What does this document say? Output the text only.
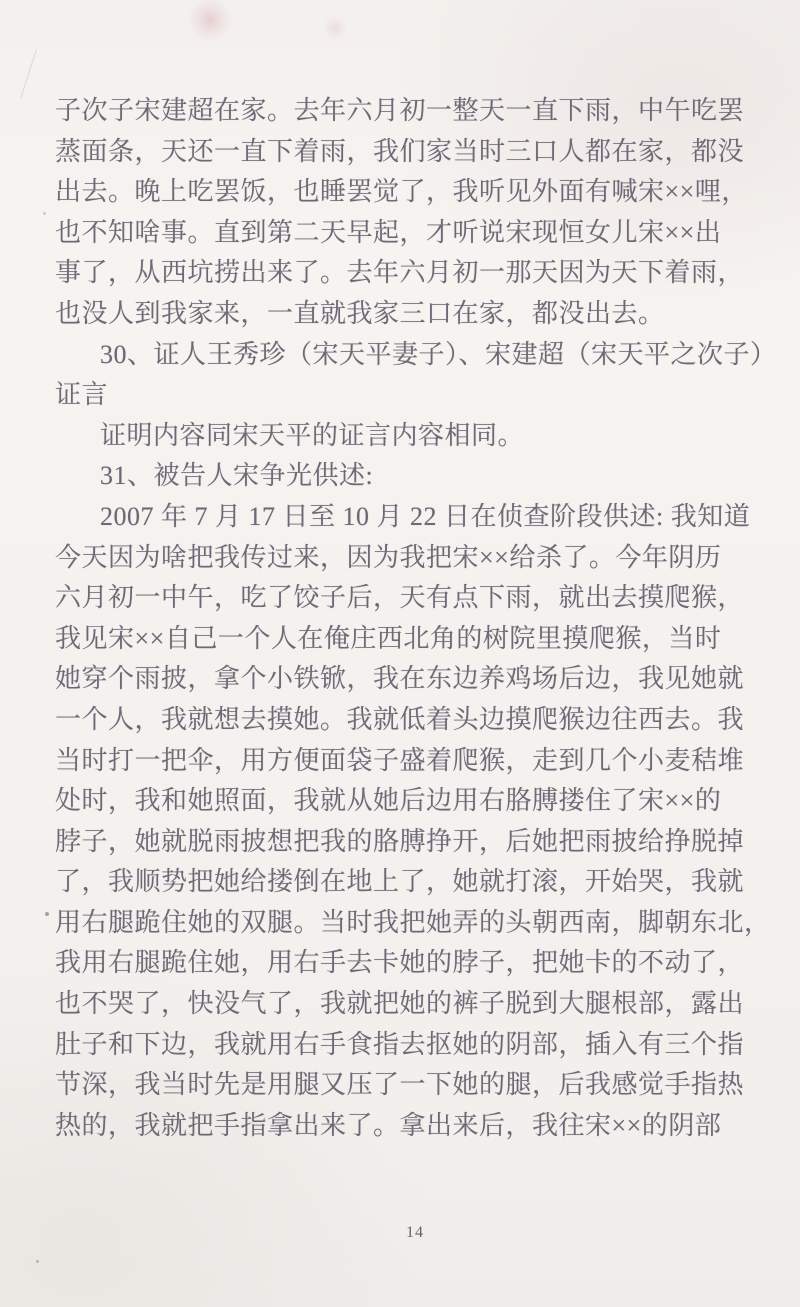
子次子宋建超在家。去年六月初一整天一直下雨，中午吃罢
蒸面条，天还一直下着雨，我们家当时三口人都在家，都没
出去。晚上吃罢饭，也睡罢觉了，我听见外面有喊宋××哩，
也不知啥事。直到第二天早起，才听说宋现恒女儿宋××出
事了，从西坑捞出来了。去年六月初一那天因为天下着雨，
也没人到我家来，一直就我家三口在家，都没出去。
30、证人王秀珍（宋天平妻子）、宋建超（宋天平之次子）
证言
证明内容同宋天平的证言内容相同。
31、被告人宋争光供述:
2007 年 7 月 17 日至 10 月 22 日在侦查阶段供述: 我知道
今天因为啥把我传过来，因为我把宋××给杀了。今年阴历
六月初一中午，吃了饺子后，天有点下雨，就出去摸爬猴，
我见宋××自己一个人在俺庄西北角的树院里摸爬猴，当时
她穿个雨披，拿个小铁锨，我在东边养鸡场后边，我见她就
一个人，我就想去摸她。我就低着头边摸爬猴边往西去。我
当时打一把伞，用方便面袋子盛着爬猴，走到几个小麦秸堆
处时，我和她照面，我就从她后边用右胳膊搂住了宋××的
脖子，她就脱雨披想把我的胳膊挣开，后她把雨披给挣脱掉
了，我顺势把她给搂倒在地上了，她就打滚，开始哭，我就
用右腿跪住她的双腿。当时我把她弄的头朝西南，脚朝东北，
我用右腿跪住她，用右手去卡她的脖子，把她卡的不动了，
也不哭了，快没气了，我就把她的裤子脱到大腿根部，露出
肚子和下边，我就用右手食指去抠她的阴部，插入有三个指
节深，我当时先是用腿又压了一下她的腿，后我感觉手指热
热的，我就把手指拿出来了。拿出来后，我往宋××的阴部
14
